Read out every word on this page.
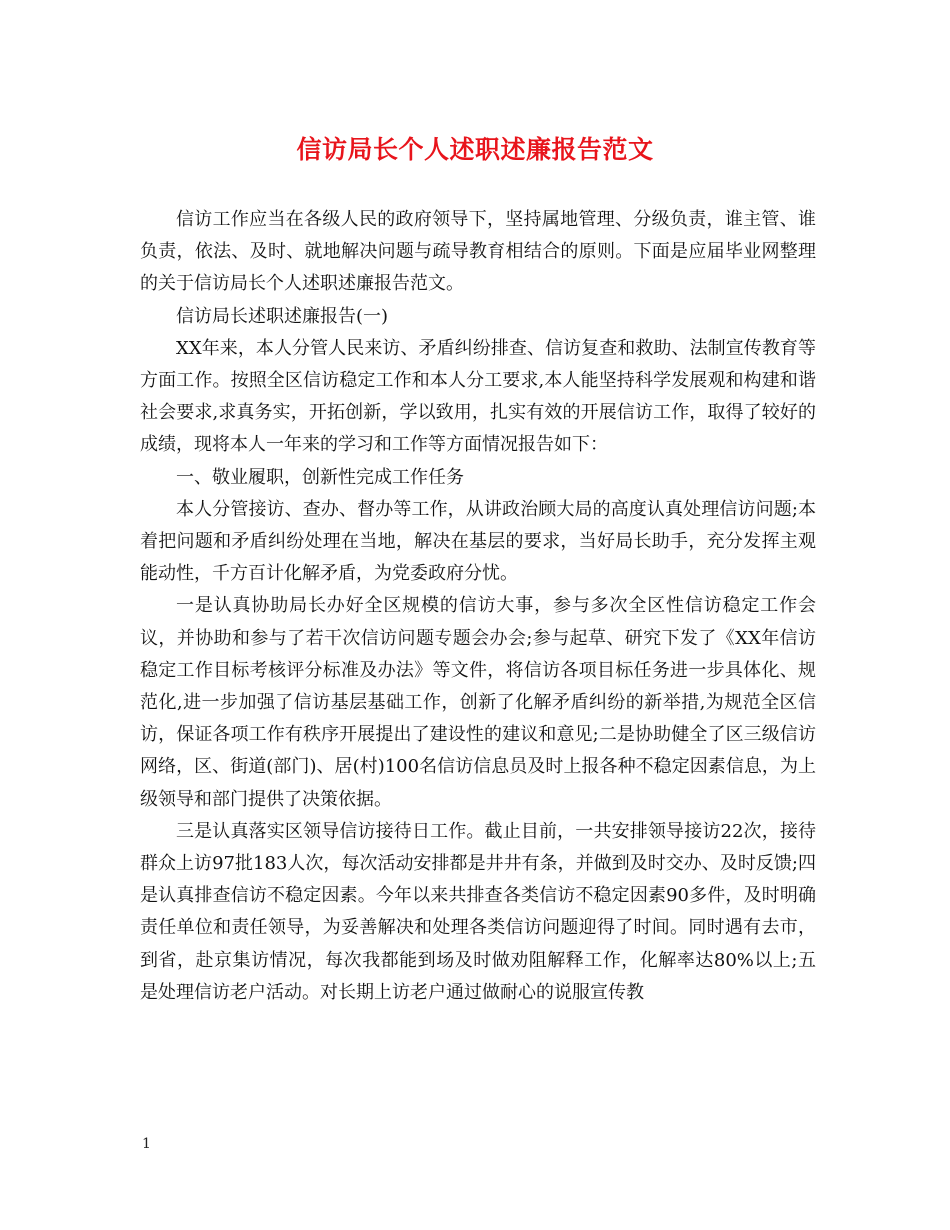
信访局长个人述职述廉报告范文

信访工作应当在各级人民的政府领导下，坚持属地管理、分级负责，谁主管、谁负责，依法、及时、就地解决问题与疏导教育相结合的原则。下面是应届毕业网整理的关于信访局长个人述职述廉报告范文。

信访局长述职述廉报告(一)

XX年来，本人分管人民来访、矛盾纠纷排查、信访复查和救助、法制宣传教育等方面工作。按照全区信访稳定工作和本人分工要求,本人能坚持科学发展观和构建和谐社会要求,求真务实，开拓创新，学以致用，扎实有效的开展信访工作，取得了较好的成绩，现将本人一年来的学习和工作等方面情况报告如下：

一、敬业履职，创新性完成工作任务

本人分管接访、查办、督办等工作，从讲政治顾大局的高度认真处理信访问题;本着把问题和矛盾纠纷处理在当地，解决在基层的要求，当好局长助手，充分发挥主观能动性，千方百计化解矛盾，为党委政府分忧。

一是认真协助局长办好全区规模的信访大事，参与多次全区性信访稳定工作会议，并协助和参与了若干次信访问题专题会办会;参与起草、研究下发了《XX年信访稳定工作目标考核评分标准及办法》等文件，将信访各项目标任务进一步具体化、规范化,进一步加强了信访基层基础工作，创新了化解矛盾纠纷的新举措,为规范全区信访，保证各项工作有秩序开展提出了建设性的建议和意见;二是协助健全了区三级信访网络，区、街道(部门)、居(村)100名信访信息员及时上报各种不稳定因素信息，为上级领导和部门提供了决策依据。

三是认真落实区领导信访接待日工作。截止目前，一共安排领导接访22次，接待群众上访97批183人次，每次活动安排都是井井有条，并做到及时交办、及时反馈;四是认真排查信访不稳定因素。今年以来共排查各类信访不稳定因素90多件，及时明确责任单位和责任领导，为妥善解决和处理各类信访问题迎得了时间。同时遇有去市，到省，赴京集访情况，每次我都能到场及时做劝阻解释工作，化解率达80%以上;五是处理信访老户活动。对长期上访老户通过做耐心的说服宣传教

1
